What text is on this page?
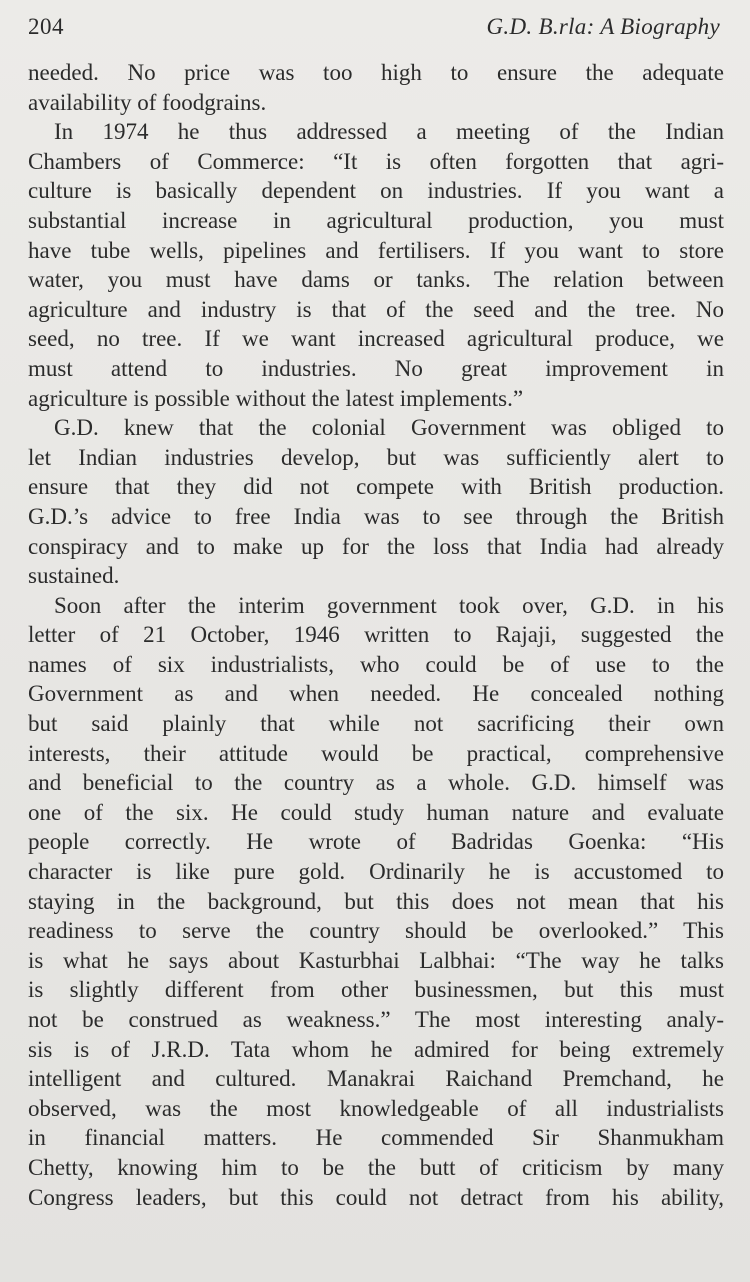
204	G.D. B.rla: A Biography
needed. No price was too high to ensure the adequate
availability of foodgrains.
In 1974 he thus addressed a meeting of the Indian
Chambers of Commerce: “It is often forgotten that agri-
culture is basically dependent on industries. If you want a
substantial increase in agricultural production, you must
have tube wells, pipelines and fertilisers. If you want to store
water, you must have dams or tanks. The relation between
agriculture and industry is that of the seed and the tree. No
seed, no tree. If we want increased agricultural produce, we
must attend to industries. No great improvement in
agriculture is possible without the latest implements.”
G.D. knew that the colonial Government was obliged to
let Indian industries develop, but was sufficiently alert to
ensure that they did not compete with British production.
G.D.’s advice to free India was to see through the British
conspiracy and to make up for the loss that India had already
sustained.
Soon after the interim government took over, G.D. in his
letter of 21 October, 1946 written to Rajaji, suggested the
names of six industrialists, who could be of use to the
Government as and when needed. He concealed nothing
but said plainly that while not sacrificing their own
interests, their attitude would be practical, comprehensive
and beneficial to the country as a whole. G.D. himself was
one of the six. He could study human nature and evaluate
people correctly. He wrote of Badridas Goenka: “His
character is like pure gold. Ordinarily he is accustomed to
staying in the background, but this does not mean that his
readiness to serve the country should be overlooked.” This
is what he says about Kasturbhai Lalbhai: “The way he talks
is slightly different from other businessmen, but this must
not be construed as weakness.” The most interesting analy-
sis is of J.R.D. Tata whom he admired for being extremely
intelligent and cultured. Manakrai Raichand Premchand, he
observed, was the most knowledgeable of all industrialists
in financial matters. He commended Sir Shanmukham
Chetty, knowing him to be the butt of criticism by many
Congress leaders, but this could not detract from his ability,
